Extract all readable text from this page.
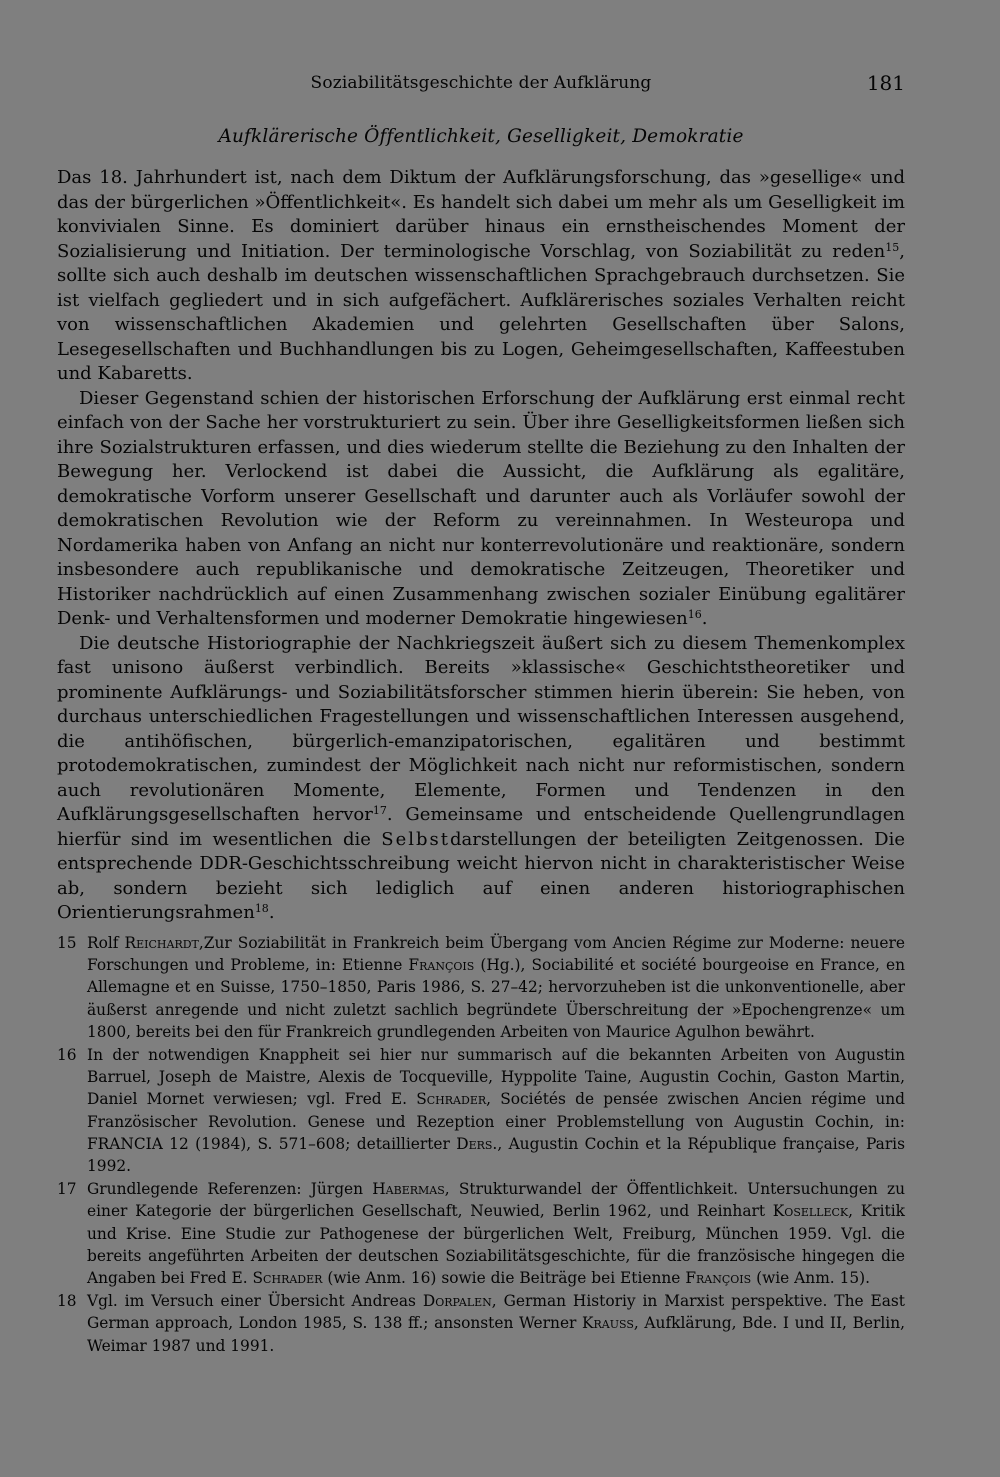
Soziabilitätsgeschichte der Aufklärung	181
Aufklärerische Öffentlichkeit, Geselligkeit, Demokratie

Das 18. Jahrhundert ist, nach dem Diktum der Aufklärungsforschung, das »gesellige« und das der bürgerlichen »Öffentlichkeit«. Es handelt sich dabei um mehr als um Geselligkeit im konvivialen Sinne. Es dominiert darüber hinaus ein ernstheischendes Moment der Sozialisierung und Initiation. Der terminologische Vorschlag, von Soziabilität zu reden$^{15}$, sollte sich auch deshalb im deutschen wissenschaftlichen Sprachgebrauch durchsetzen. Sie ist vielfach gegliedert und in sich aufgefächert. Aufklärerisches soziales Verhalten reicht von wissenschaftlichen Akademien und gelehrten Gesellschaften über Salons, Lesegesellschaften und Buchhandlungen bis zu Logen, Geheimgesellschaften, Kaffeestuben und Kabaretts.

Dieser Gegenstand schien der historischen Erforschung der Aufklärung erst einmal recht einfach von der Sache her vorstrukturiert zu sein. Über ihre Geselligkeitsformen ließen sich ihre Sozialstrukturen erfassen, und dies wiederum stellte die Beziehung zu den Inhalten der Bewegung her. Verlockend ist dabei die Aussicht, die Aufklärung als egalitäre, demokratische Vorform unserer Gesellschaft und darunter auch als Vorläufer sowohl der demokratischen Revolution wie der Reform zu vereinnahmen. In Westeuropa und Nordamerika haben von Anfang an nicht nur konterrevolutionäre und reaktionäre, sondern insbesondere auch republikanische und demokratische Zeitzeugen, Theoretiker und Historiker nachdrücklich auf einen Zusammenhang zwischen sozialer Einübung egalitärer Denk- und Verhaltensformen und moderner Demokratie hingewiesen$^{16}$.

Die deutsche Historiographie der Nachkriegszeit äußert sich zu diesem Themenkomplex fast unisono äußerst verbindlich. Bereits »klassische« Geschichtstheoretiker und prominente Aufklärungs- und Soziabilitätsforscher stimmen hierin überein: Sie heben, von durchaus unterschiedlichen Fragestellungen und wissenschaftlichen Interessen ausgehend, die antihöfischen, bürgerlich-emanzipatorischen, egalitären und bestimmt protodemokratischen, zumindest der Möglichkeit nach nicht nur reformistischen, sondern auch revolutionären Momente, Elemente, Formen und Tendenzen in den Aufklärungsgesellschaften hervor$^{17}$. Gemeinsame und entscheidende Quellengrundlagen hierfür sind im wesentlichen die Selbstdarstellungen der beteiligten Zeitgenossen. Die entsprechende DDR-Geschichtsschreibung weicht hiervon nicht in charakteristischer Weise ab, sondern bezieht sich lediglich auf einen anderen historiographischen Orientierungsrahmen$^{18}$.

15 Rolf Reichardt,Zur Soziabilität in Frankreich beim Übergang vom Ancien Régime zur Moderne: neuere Forschungen und Probleme, in: Etienne François (Hg.), Sociabilité et société bourgeoise en France, en Allemagne et en Suisse, 1750–1850, Paris 1986, S. 27–42; hervorzuheben ist die unkonventionelle, aber äußerst anregende und nicht zuletzt sachlich begründete Überschreitung der »Epochengrenze« um 1800, bereits bei den für Frankreich grundlegenden Arbeiten von Maurice Agulhon bewährt.
16 In der notwendigen Knappheit sei hier nur summarisch auf die bekannten Arbeiten von Augustin Barruel, Joseph de Maistre, Alexis de Tocqueville, Hyppolite Taine, Augustin Cochin, Gaston Martin, Daniel Mornet verwiesen; vgl. Fred E. Schrader, Sociétés de pensée zwischen Ancien régime und Französischer Revolution. Genese und Rezeption einer Problemstellung von Augustin Cochin, in: FRANCIA 12 (1984), S. 571–608; detaillierter Ders., Augustin Cochin et la République française, Paris 1992.
17 Grundlegende Referenzen: Jürgen Habermas, Strukturwandel der Öffentlichkeit. Untersuchungen zu einer Kategorie der bürgerlichen Gesellschaft, Neuwied, Berlin 1962, und Reinhart Koselleck, Kritik und Krise. Eine Studie zur Pathogenese der bürgerlichen Welt, Freiburg, München 1959. Vgl. die bereits angeführten Arbeiten der deutschen Soziabilitätsgeschichte, für die französische hingegen die Angaben bei Fred E. Schrader (wie Anm. 16) sowie die Beiträge bei Etienne François (wie Anm. 15).
18 Vgl. im Versuch einer Übersicht Andreas Dorpalen, German Historiy in Marxist perspektive. The East German approach, London 1985, S. 138 ff.; ansonsten Werner Krauss, Aufklärung, Bde. I und II, Berlin, Weimar 1987 und 1991.
